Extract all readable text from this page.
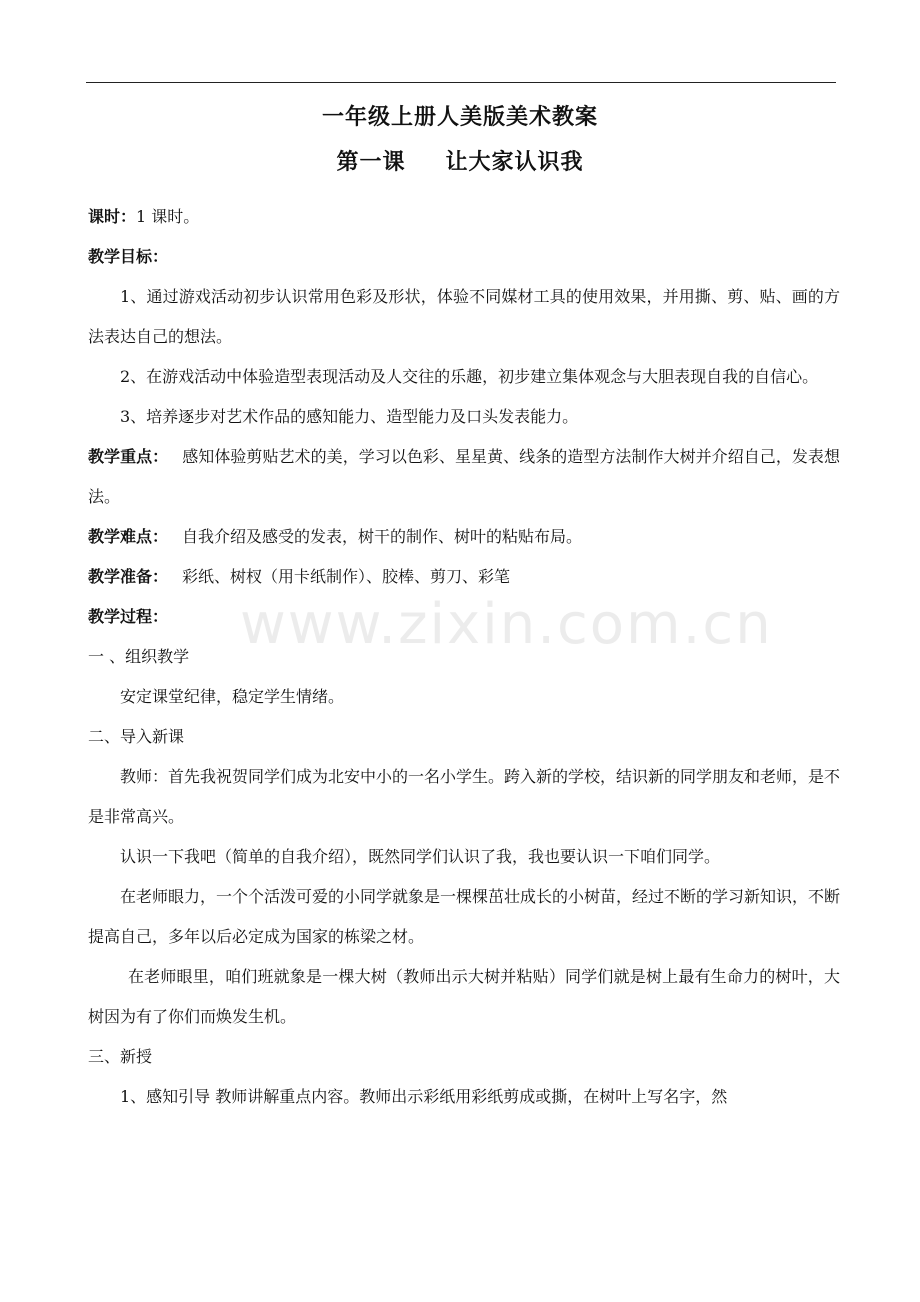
一年级上册人美版美术教案
第一课 让大家认识我

课时：1 课时。

教学目标：

1、通过游戏活动初步认识常用色彩及形状，体验不同媒材工具的使用效果，并用撕、剪、贴、画的方法表达自己的想法。

2、在游戏活动中体验造型表现活动及人交往的乐趣，初步建立集体观念与大胆表现自我的自信心。

3、培养逐步对艺术作品的感知能力、造型能力及口头发表能力。

教学重点： 感知体验剪贴艺术的美，学习以色彩、星星黄、线条的造型方法制作大树并介绍自己，发表想法。

教学难点： 自我介绍及感受的发表，树干的制作、树叶的粘贴布局。

教学准备： 彩纸、树杈（用卡纸制作）、胶棒、剪刀、彩笔

教学过程：

一 、组织教学

安定课堂纪律，稳定学生情绪。

二、导入新课

教师：首先我祝贺同学们成为北安中小的一名小学生。跨入新的学校，结识新的同学朋友和老师，是不是非常高兴。

认识一下我吧（简单的自我介绍），既然同学们认识了我，我也要认识一下咱们同学。

在老师眼力，一个个活泼可爱的小同学就象是一棵棵茁壮成长的小树苗，经过不断的学习新知识，不断提高自己，多年以后必定成为国家的栋梁之材。

在老师眼里，咱们班就象是一棵大树（教师出示大树并粘贴）同学们就是树上最有生命力的树叶，大树因为有了你们而焕发生机。

三、新授

1、感知引导 教师讲解重点内容。教师出示彩纸用彩纸剪成或撕，在树叶上写名字，然

www.zixin.com.cn
